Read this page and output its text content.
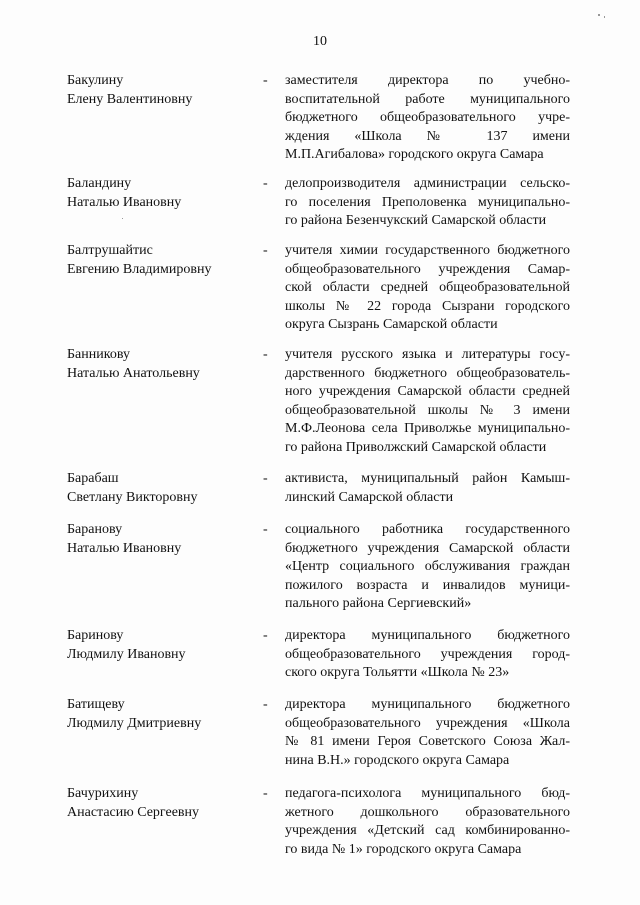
10
Бакулину
Елену Валентиновну
- заместителя директора по учебно-
воспитательной работе муниципального
бюджетного общеобразовательного учре-
ждения «Школа № 137 имени
М.П.Агибалова» городского округа Самара
Баландину
Наталью Ивановну
- делопроизводителя администрации сельско-
го поселения Преполовенка муниципально-
го района Безенчукский Самарской области
Балтрушайтис
Евгению Владимировну
- учителя химии государственного бюджетного
общеобразовательного учреждения Самар-
ской области средней общеобразовательной
школы № 22 города Сызрани городского
округа Сызрань Самарской области
Банникову
Наталью Анатольевну
- учителя русского языка и литературы госу-
дарственного бюджетного общеобразователь-
ного учреждения Самарской области средней
общеобразовательной школы № 3 имени
М.Ф.Леонова села Приволжье муниципально-
го района Приволжский Самарской области
Барабаш
Светлану Викторовну
- активиста, муниципальный район Камыш-
линский Самарской области
Баранову
Наталью Ивановну
- социального работника государственного
бюджетного учреждения Самарской области
«Центр социального обслуживания граждан
пожилого возраста и инвалидов муници-
пального района Сергиевский»
Баринову
Людмилу Ивановну
- директора муниципального бюджетного
общеобразовательного учреждения город-
ского округа Тольятти «Школа № 23»
Батищеву
Людмилу Дмитриевну
- директора муниципального бюджетного
общеобразовательного учреждения «Школа
№ 81 имени Героя Советского Союза Жал-
нина В.Н.» городского округа Самара
Бачурихину
Анастасию Сергеевну
- педагога-психолога муниципального бюд-
жетного дошкольного образовательного
учреждения «Детский сад комбинированно-
го вида № 1» городского округа Самара
